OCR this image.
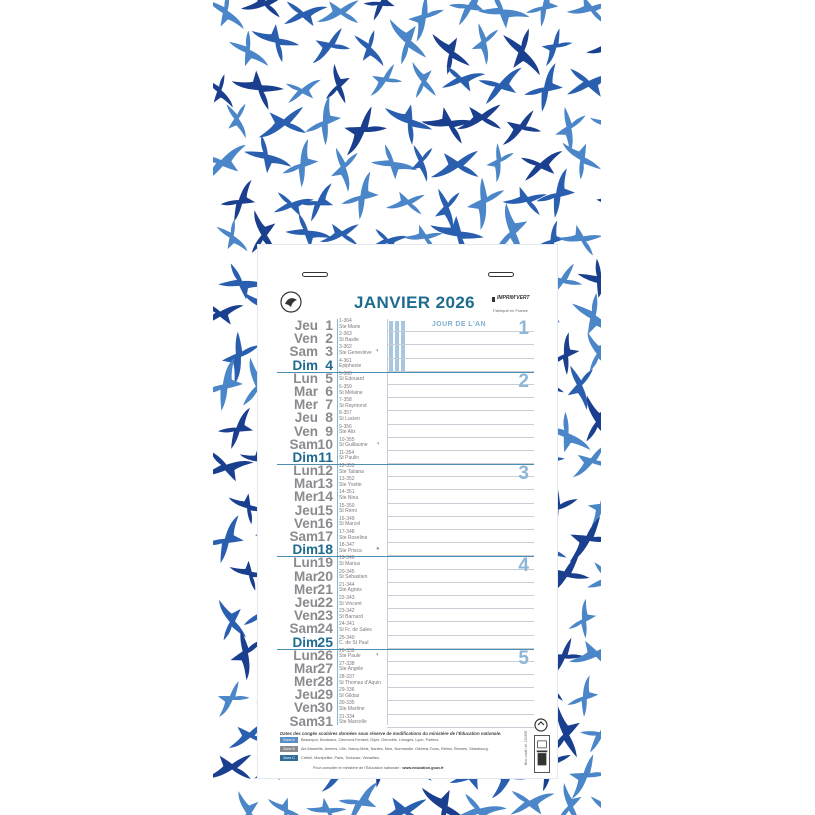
JANVIER 2026	IMPRIM'VERT
Fabriqué en France
Jeu 1 1-364
Ste Marie	JOUR DE L'AN 1
Ven 2 2-363
St Basile
Sam 3 3-362
Ste Geneviève ◐
Dim 4 4-361
Epiphanie
Lun 5 5-360
St Edouard	2
Mar 6 6-359
St Mélaine
Mer 7 7-358
St Raymond
Jeu 8 8-357
St Lucien
Ven 9 9-356
Ste Alix
Sam 10 10-355
St Guillaume ◑
Dim 11 11-354
St Paulin
Lun 12 12-353
Ste Tatiana	3
Mar 13 13-352
Ste Yvette
Mer 14 14-351
Ste Nina
Jeu 15 15-350
St Rémi
Ven 16 16-349
St Marcel
Sam 17 17-348
Ste Roseline
Dim 18 18-347
Ste Prisca ●
Lun 19 19-346
St Marius	4
Mar 20 20-345
St Sébastien
Mer 21 21-344
Ste Agnès
Jeu 22 22-343
St Vincent
Ven 23 23-342
St Barnard
Sam 24 24-341
St Fr. de Sales
Dim 25 25-340
C. de St Paul
Lun 26 26-339
Ste Paule	◐	5
Mar 27 27-338
Ste Angèle
Mer 28 28-337
St Thomas d'Aquin
Jeu 29 29-336
St Gildas
Ven 30 30-335
Ste Martine
Sam 31 31-334
Ste Marcelle
Bloc ondé réf. 13030E
Dates des congés scolaires données sous réserve de modifications du ministère de l'Éducation nationale.
Zone A	Besançon, Bordeaux, Clermont-Ferrand, Dijon, Grenoble, Limoges, Lyon, Poitiers.
Zone B	Aix-Marseille, Amiens, Lille, Nancy-Metz, Nantes, Nice, Normandie, Orléans-Tours, Reims, Rennes, Strasbourg.
Zone C	Créteil, Montpellier, Paris, Toulouse, Versailles.
Pour consulter le ministère de l'Éducation nationale : www.education.gouv.fr
